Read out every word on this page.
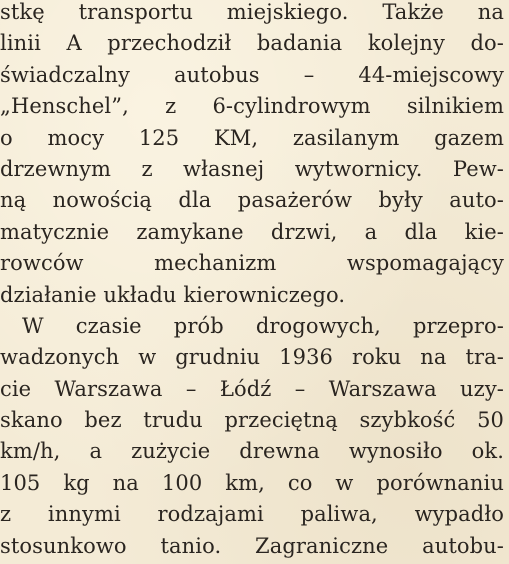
stkę transportu miejskiego. Także na
linii A przechodził badania kolejny do-
świadczalny autobus – 44-miejscowy
„Henschel”, z 6-cylindrowym silnikiem
o mocy 125 KM, zasilanym gazem
drzewnym z własnej wytwornicy. Pew-
ną nowością dla pasażerów były auto-
matycznie zamykane drzwi, a dla kie-
rowców mechanizm wspomagający
działanie układu kierowniczego.
W czasie prób drogowych, przepro-
wadzonych w grudniu 1936 roku na tra-
cie Warszawa – Łódź – Warszawa uzy-
skano bez trudu przeciętną szybkość 50
km/h, a zużycie drewna wynosiło ok.
105 kg na 100 km, co w porównaniu
z innymi rodzajami paliwa, wypadło
stosunkowo tanio. Zagraniczne autobu-
